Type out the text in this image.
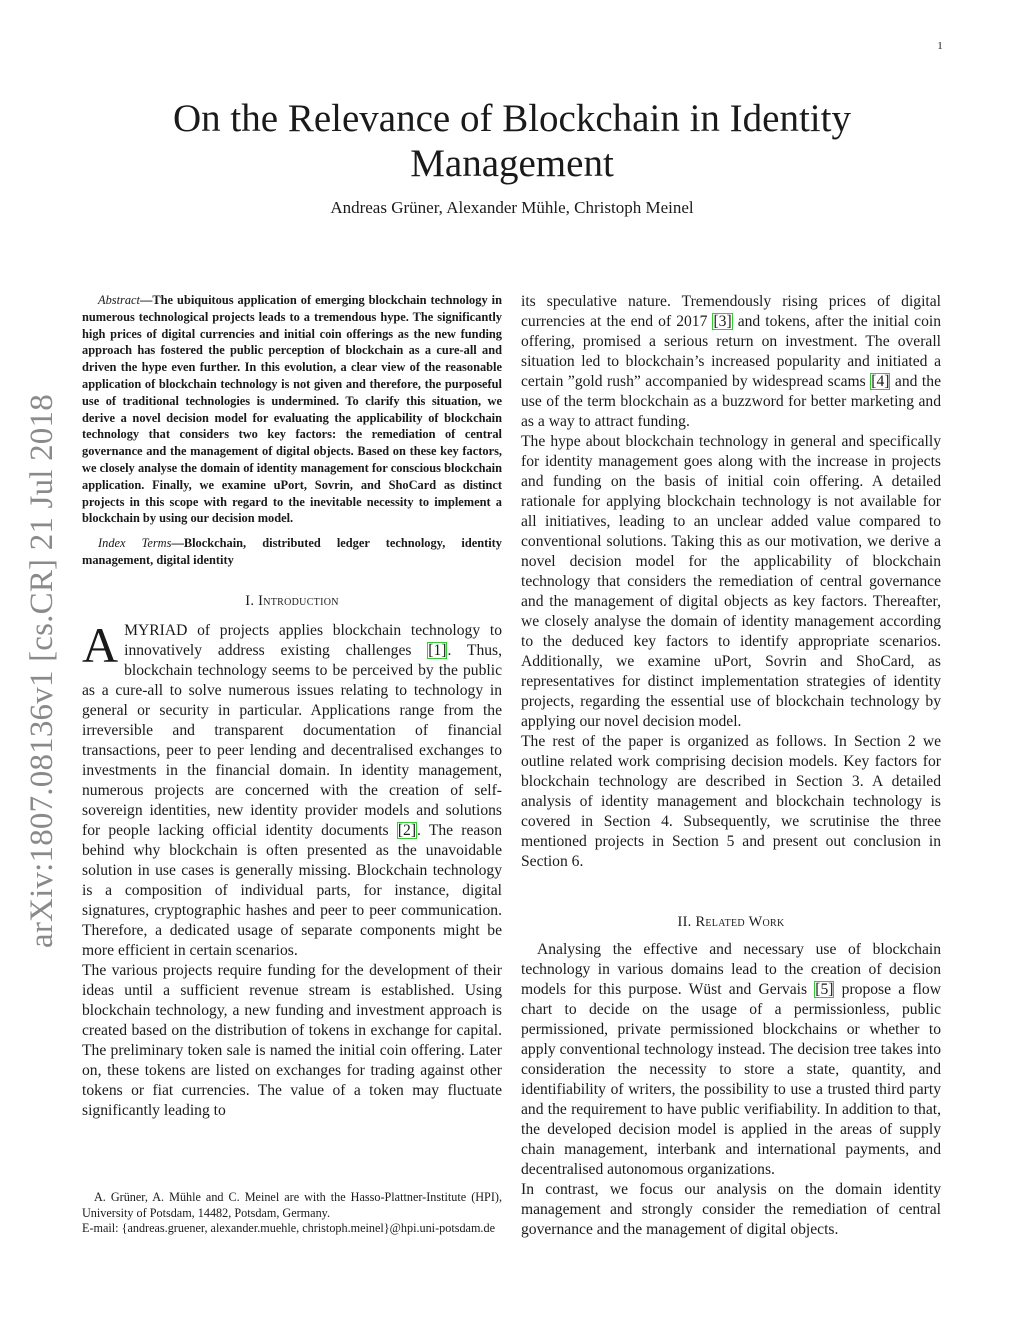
1
arXiv:1807.08136v1 [cs.CR] 21 Jul 2018
On the Relevance of Blockchain in Identity Management
Andreas Grüner, Alexander Mühle, Christoph Meinel

Abstract—The ubiquitous application of emerging blockchain technology in numerous technological projects leads to a tremendous hype. The significantly high prices of digital currencies and initial coin offerings as the new funding approach has fostered the public perception of blockchain as a cure-all and driven the hype even further. In this evolution, a clear view of the reasonable application of blockchain technology is not given and therefore, the purposeful use of traditional technologies is undermined. To clarify this situation, we derive a novel decision model for evaluating the applicability of blockchain technology that considers two key factors: the remediation of central governance and the management of digital objects. Based on these key factors, we closely analyse the domain of identity management for conscious blockchain application. Finally, we examine uPort, Sovrin, and ShoCard as distinct projects in this scope with regard to the inevitable necessity to implement a blockchain by using our decision model.

Index Terms—Blockchain, distributed ledger technology, identity management, digital identity

I. Introduction

AMYRIAD of projects applies blockchain technology to innovatively address existing challenges [1]. Thus, blockchain technology seems to be perceived by the public as a cure-all to solve numerous issues relating to technology in general or security in particular. Applications range from the irreversible and transparent documentation of financial transactions, peer to peer lending and decentralised exchanges to investments in the financial domain. In identity management, numerous projects are concerned with the creation of self-sovereign identities, new identity provider models and solutions for people lacking official identity documents [2]. The reason behind why blockchain is often presented as the unavoidable solution in use cases is generally missing. Blockchain technology is a composition of individual parts, for instance, digital signatures, cryptographic hashes and peer to peer communication. Therefore, a dedicated usage of separate components might be more efficient in certain scenarios.

The various projects require funding for the development of their ideas until a sufficient revenue stream is established. Using blockchain technology, a new funding and investment approach is created based on the distribution of tokens in exchange for capital. The preliminary token sale is named the initial coin offering. Later on, these tokens are listed on exchanges for trading against other tokens or fiat currencies. The value of a token may fluctuate significantly leading to

its speculative nature. Tremendously rising prices of digital currencies at the end of 2017 [3] and tokens, after the initial coin offering, promised a serious return on investment. The overall situation led to blockchain’s increased popularity and initiated a certain ”gold rush” accompanied by widespread scams [4] and the use of the term blockchain as a buzzword for better marketing and as a way to attract funding.

The hype about blockchain technology in general and specifically for identity management goes along with the increase in projects and funding on the basis of initial coin offering. A detailed rationale for applying blockchain technology is not available for all initiatives, leading to an unclear added value compared to conventional solutions. Taking this as our motivation, we derive a novel decision model for the applicability of blockchain technology that considers the remediation of central governance and the management of digital objects as key factors. Thereafter, we closely analyse the domain of identity management according to the deduced key factors to identify appropriate scenarios. Additionally, we examine uPort, Sovrin and ShoCard, as representatives for distinct implementation strategies of identity projects, regarding the essential use of blockchain technology by applying our novel decision model.

The rest of the paper is organized as follows. In Section 2 we outline related work comprising decision models. Key factors for blockchain technology are described in Section 3. A detailed analysis of identity management and blockchain technology is covered in Section 4. Subsequently, we scrutinise the three mentioned projects in Section 5 and present out conclusion in Section 6.

II. Related Work

Analysing the effective and necessary use of blockchain technology in various domains lead to the creation of decision models for this purpose. Wüst and Gervais [5] propose a flow chart to decide on the usage of a permissionless, public permissioned, private permissioned blockchains or whether to apply conventional technology instead. The decision tree takes into consideration the necessity to store a state, quantity, and identifiability of writers, the possibility to use a trusted third party and the requirement to have public verifiability. In addition to that, the developed decision model is applied in the areas of supply chain management, interbank and international payments, and decentralised autonomous organizations.

In contrast, we focus our analysis on the domain identity management and strongly consider the remediation of central governance and the management of digital objects.

A. Grüner, A. Mühle and C. Meinel are with the Hasso-Plattner-Institute (HPI), University of Potsdam, 14482, Potsdam, Germany.

E-mail: {andreas.gruener, alexander.muehle, christoph.meinel}@hpi.uni-potsdam.de
